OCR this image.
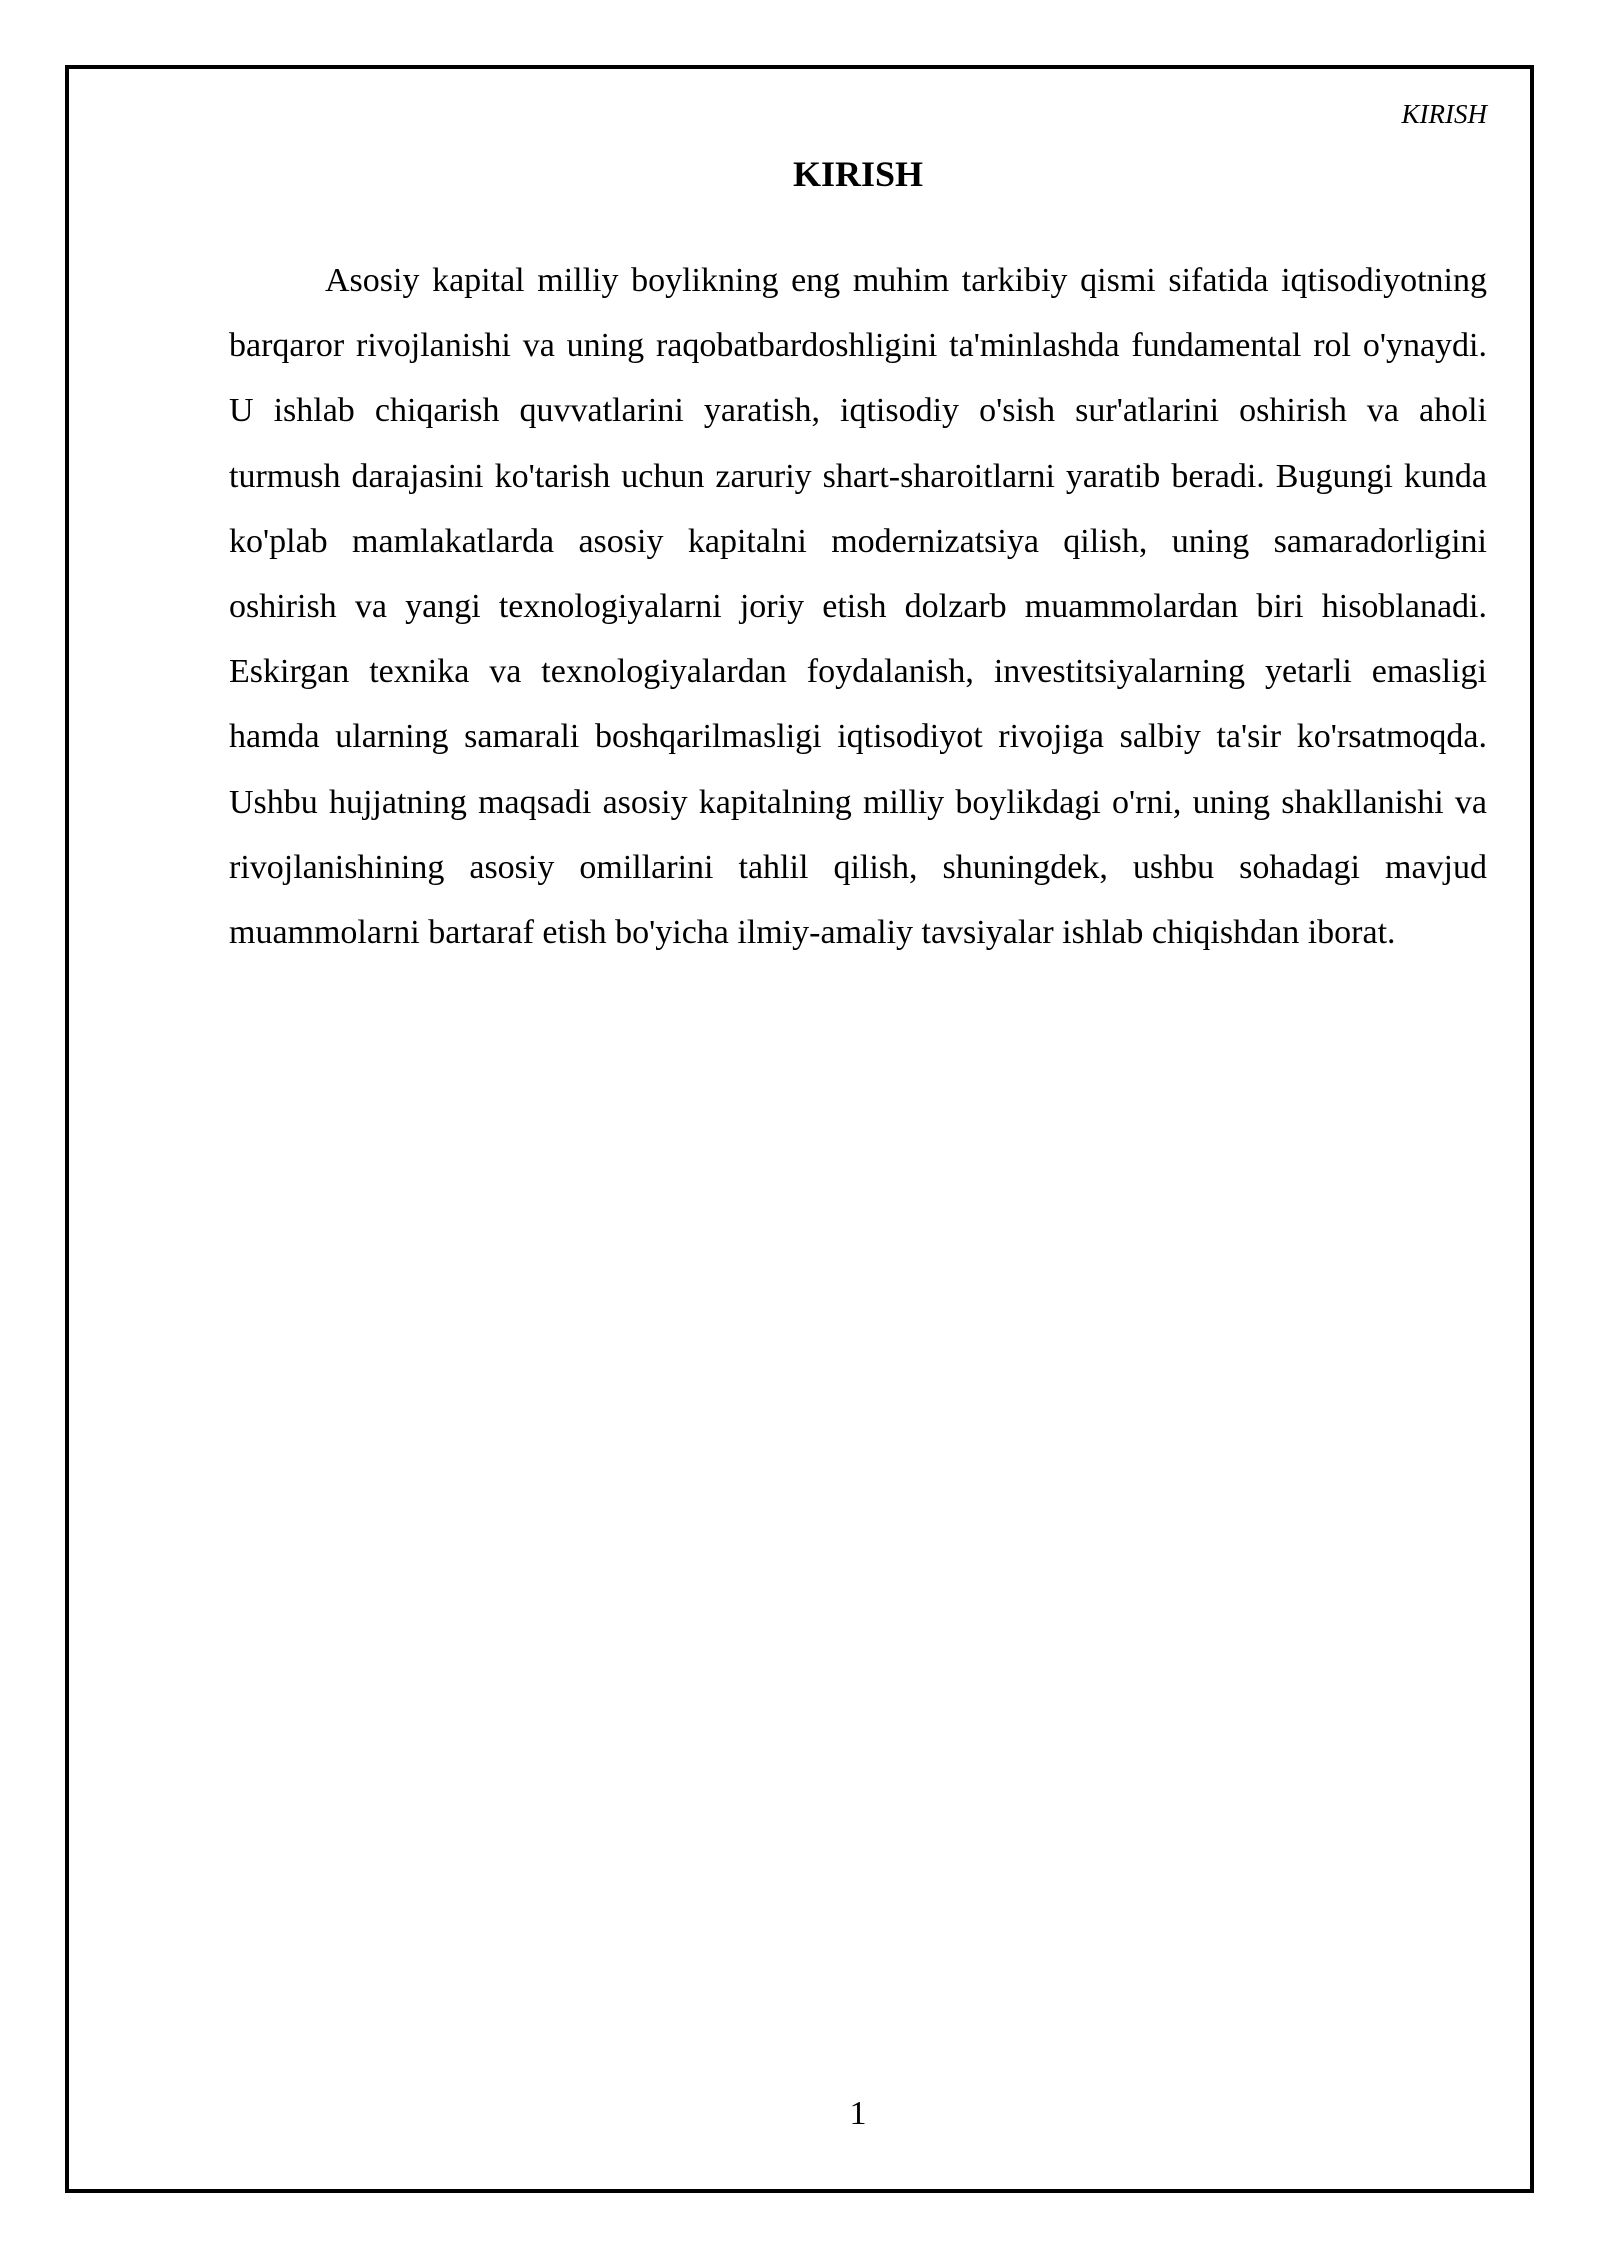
KIRISH
KIRISH

Asosiy kapital milliy boylikning eng muhim tarkibiy qismi sifatida iqtisodiyotning barqaror rivojlanishi va uning raqobatbardoshligini ta'minlashda fundamental rol o'ynaydi. U ishlab chiqarish quvvatlarini yaratish, iqtisodiy o'sish sur'atlarini oshirish va aholi turmush darajasini ko'tarish uchun zaruriy shart-sharoitlarni yaratib beradi. Bugungi kunda ko'plab mamlakatlarda asosiy kapitalni modernizatsiya qilish, uning samaradorligini oshirish va yangi texnologiyalarni joriy etish dolzarb muammolardan biri hisoblanadi. Eskirgan texnika va texnologiyalardan foydalanish, investitsiyalarning yetarli emasligi hamda ularning samarali boshqarilmasligi iqtisodiyot rivojiga salbiy ta'sir ko'rsatmoqda. Ushbu hujjatning maqsadi asosiy kapitalning milliy boylikdagi o'rni, uning shakllanishi va rivojlanishining asosiy omillarini tahlil qilish, shuningdek, ushbu sohadagi mavjud muammolarni bartaraf etish bo'yicha ilmiy-amaliy tavsiyalar ishlab chiqishdan iborat.

1
